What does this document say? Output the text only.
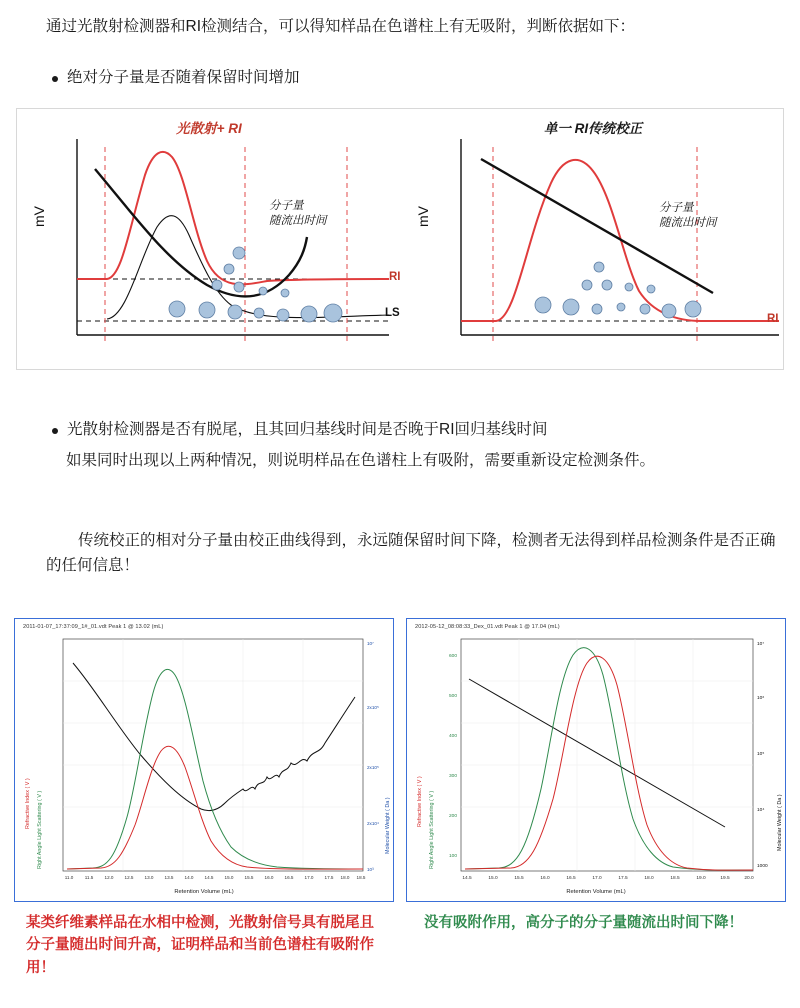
通过光散射检测器和RI检测结合，可以得知样品在色谱柱上有无吸附，判断依据如下：

绝对分子量是否随着保留时间增加
光散射+ RI
mV	分子量
随流出时间
RI
LS
单一 RI传统校正
mV	分子量
随流出时间
RI
光散射检测器是否有脱尾，且其回归基线时间是否晚于RI回归基线时间

如果同时出现以上两种情况，则说明样品在色谱柱上有吸附，需要重新设定检测条件。

传统校正的相对分子量由校正曲线得到，永远随保留时间下降，检测者无法得到样品检测条件是否正确的任何信息！

2011-01-07_17:37:09_1#_01.vdt Peak 1 @ 13.02 (mL)
Refractive Index ( V ) Right Angle Light Scattering ( V )	Molecular Weight ( Da )
Retention Volume (mL)
11.0 11.5 12.0 12.5 13.0 13.5 14.0 14.5 15.0 15.5 16.0 16.5 17.0 17.5 18.0 18.5
10⁷
2x10⁵
2x10⁵
2x10⁴
10³
2012-05-12_08:08:33_Dex_01.vdt Peak 1 @ 17.04 (mL)
Refractive Index ( V ) Right Angle Light Scattering ( V )	Molecular Weight ( Da )
Retention Volume (mL)
14.5	15.0	15.5	16.0	16.5	17.0	17.5	18.0	18.5	19.0	19.5	20.0
600
500
400
300
200
100
10⁷
10⁶
10⁵
10⁴
1000
某类纤维素样品在水相中检测，光散射信号具有脱尾且分子量随出时间升高，证明样品和当前色谱柱有吸附作用！
没有吸附作用，高分子的分子量随流出时间下降！
